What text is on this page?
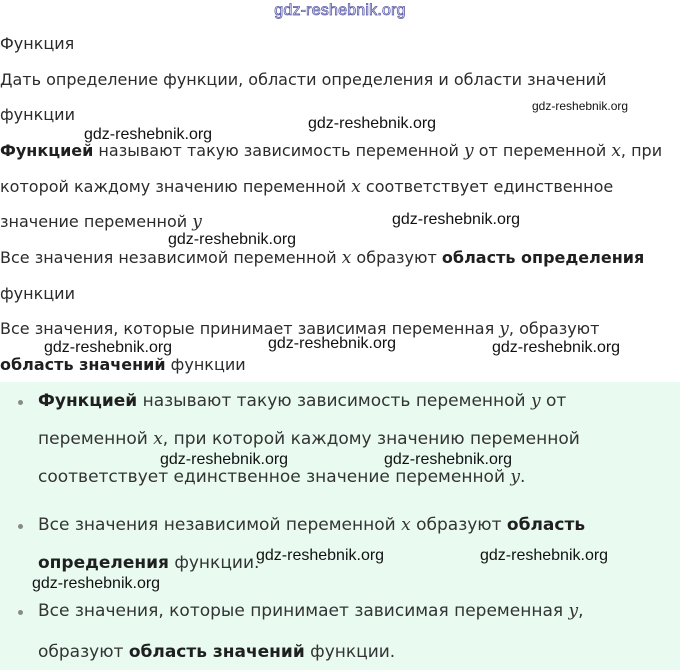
gdz-reshebnik.org

Функция

Дать определение функции, области определения и области значений

функции

Функцией называют такую зависимость переменной y от переменной x, при

которой каждому значению переменной x соответствует единственное

значение переменной y

Все значения независимой переменной x образуют область определения

функции

Все значения, которые принимает зависимая переменная y, образуют

область значений функции

Функцией называют такую зависимость переменной y от

переменной x, при которой каждому значению переменной

соответствует единственное значение переменной y.

Все значения независимой переменной x образуют область

определения функции.

Все значения, которые принимает зависимая переменная y,

образуют область значений функции.

gdz-reshebnik.org
gdz-reshebnik.org
gdz-reshebnik.org
gdz-reshebnik.org
gdz-reshebnik.org
gdz-reshebnik.org	gdz-reshebnik.org	gdz-reshebnik.org
gdz-reshebnik.org	gdz-reshebnik.org
gdz-reshebnik.org	gdz-reshebnik.org
gdz-reshebnik.org
